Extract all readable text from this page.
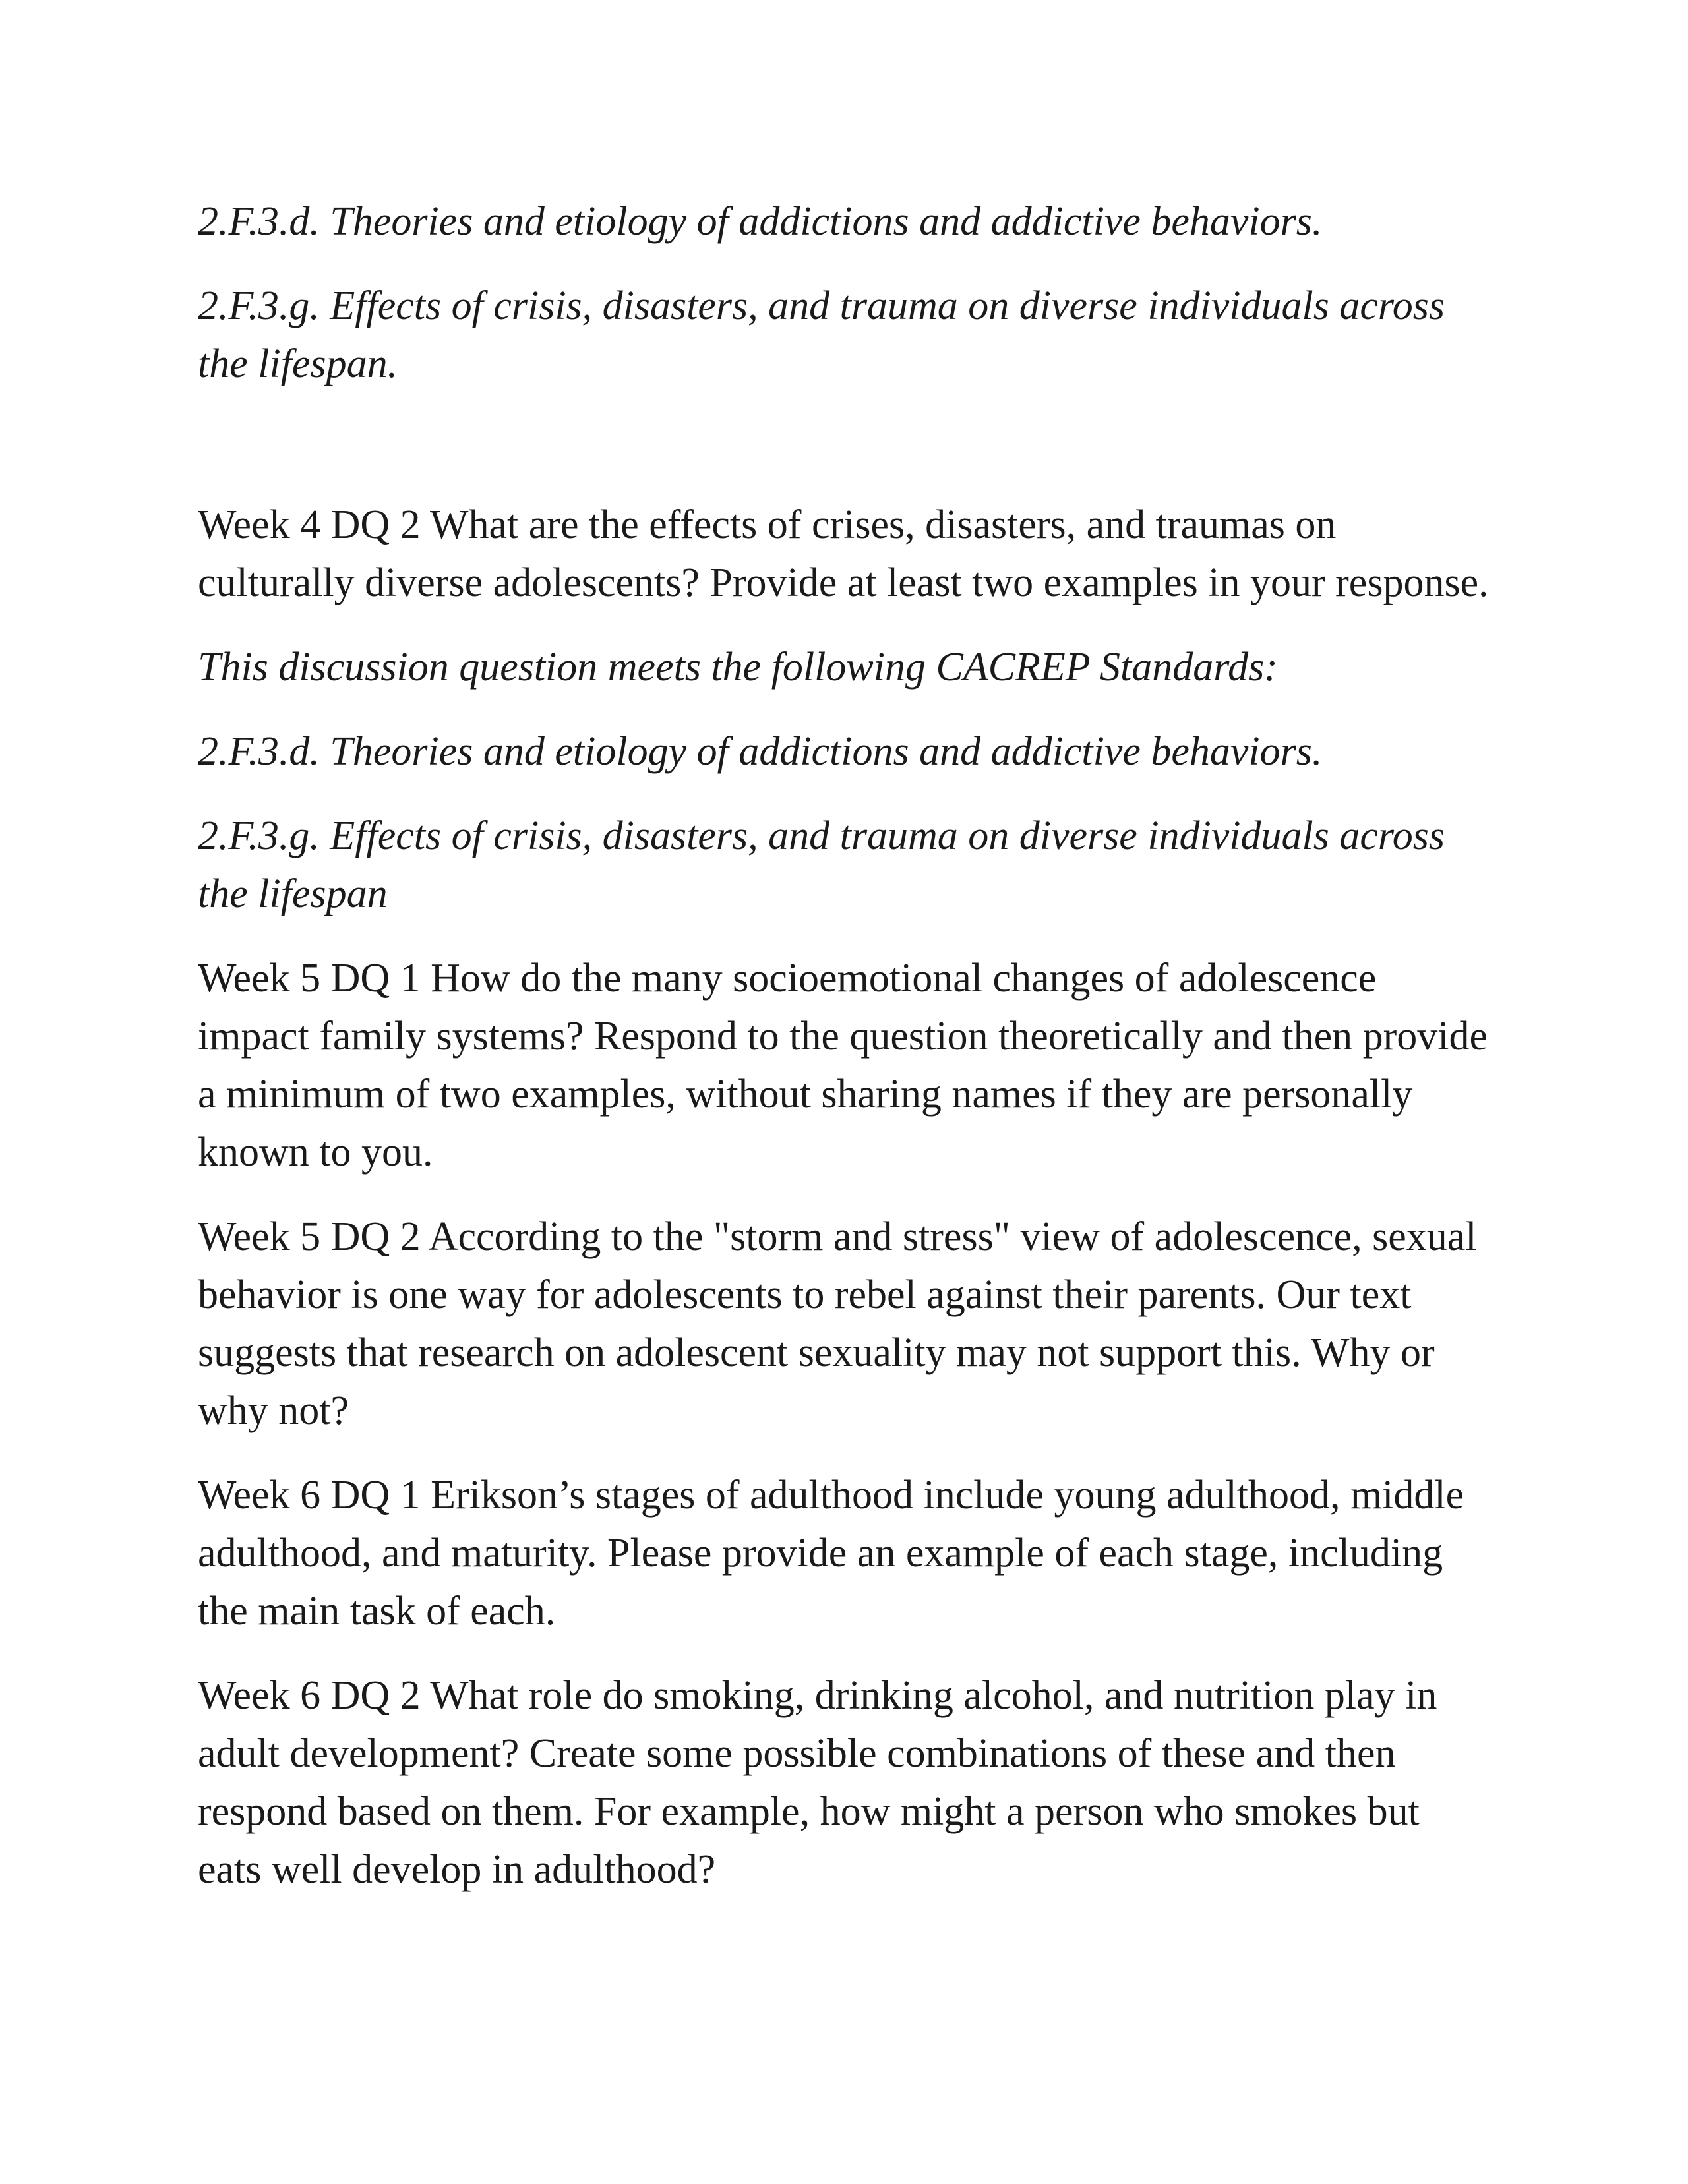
2.F.3.d. Theories and etiology of addictions and addictive behaviors.

2.F.3.g. Effects of crisis, disasters, and trauma on diverse individuals across the lifespan.

Week 4 DQ 2 What are the effects of crises, disasters, and traumas on culturally diverse adolescents? Provide at least two examples in your response.

This discussion question meets the following CACREP Standards:

2.F.3.d. Theories and etiology of addictions and addictive behaviors.

2.F.3.g. Effects of crisis, disasters, and trauma on diverse individuals across the lifespan

Week 5 DQ 1 How do the many socioemotional changes of adolescence impact family systems? Respond to the question theoretically and then provide a minimum of two examples, without sharing names if they are personally known to you.

Week 5 DQ 2 According to the "storm and stress" view of adolescence, sexual behavior is one way for adolescents to rebel against their parents. Our text suggests that research on adolescent sexuality may not support this. Why or why not?

Week 6 DQ 1 Erikson’s stages of adulthood include young adulthood, middle adulthood, and maturity. Please provide an example of each stage, including the main task of each.

Week 6 DQ 2 What role do smoking, drinking alcohol, and nutrition play in adult development? Create some possible combinations of these and then respond based on them. For example, how might a person who smokes but eats well develop in adulthood?
